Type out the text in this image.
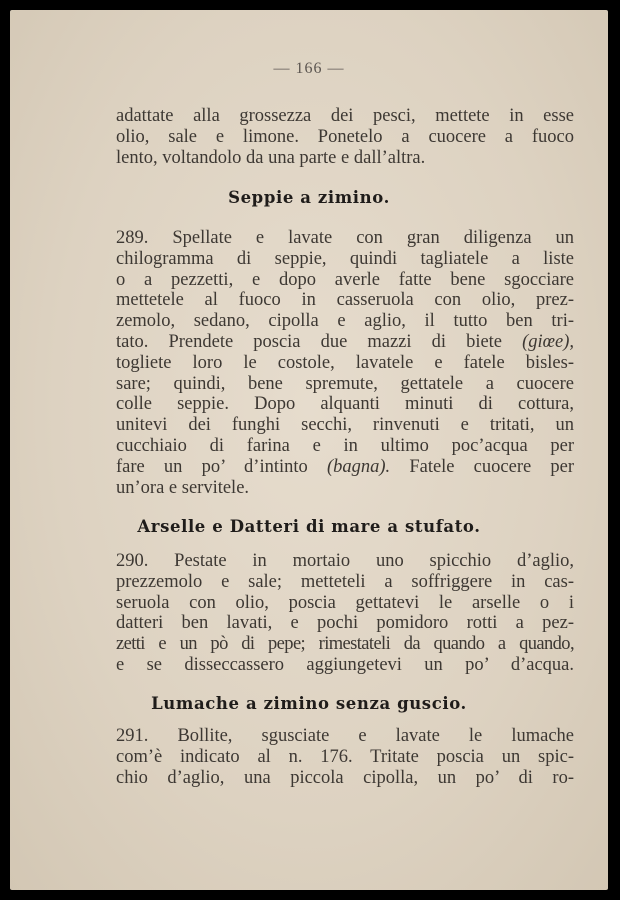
— 166 —
adattate alla grossezza dei pesci, mettete in esse
olio, sale e limone. Ponetelo a cuocere a fuoco
lento, voltandolo da una parte e dall’altra.
Seppie a zimino.
289. Spellate e lavate con gran diligenza un
chilogramma di seppie, quindi tagliatele a liste
o a pezzetti, e dopo averle fatte bene sgocciare
mettetele al fuoco in casseruola con olio, prez-
zemolo, sedano, cipolla e aglio, il tutto ben tri-
tato. Prendete poscia due mazzi di biete (giœe),
togliete loro le costole, lavatele e fatele bisles-
sare; quindi, bene spremute, gettatele a cuocere
colle seppie. Dopo alquanti minuti di cottura,
unitevi dei funghi secchi, rinvenuti e tritati, un
cucchiaio di farina e in ultimo poc’acqua per
fare un po’ d’intinto (bagna). Fatele cuocere per
un’ora e servitele.
Arselle e Datteri di mare a stufato.
290. Pestate in mortaio uno spicchio d’aglio,
prezzemolo e sale; metteteli a soffriggere in cas-
seruola con olio, poscia gettatevi le arselle o i
datteri ben lavati, e pochi pomidoro rotti a pez-
zetti e un pò di pepe; rimestateli da quando a quando,
e se disseccassero aggiungetevi un po’ d’acqua.
Lumache a zimino senza guscio.
291. Bollite, sgusciate e lavate le lumache
com’è indicato al n. 176. Tritate poscia un spic-
chio d’aglio, una piccola cipolla, un po’ di ro-
